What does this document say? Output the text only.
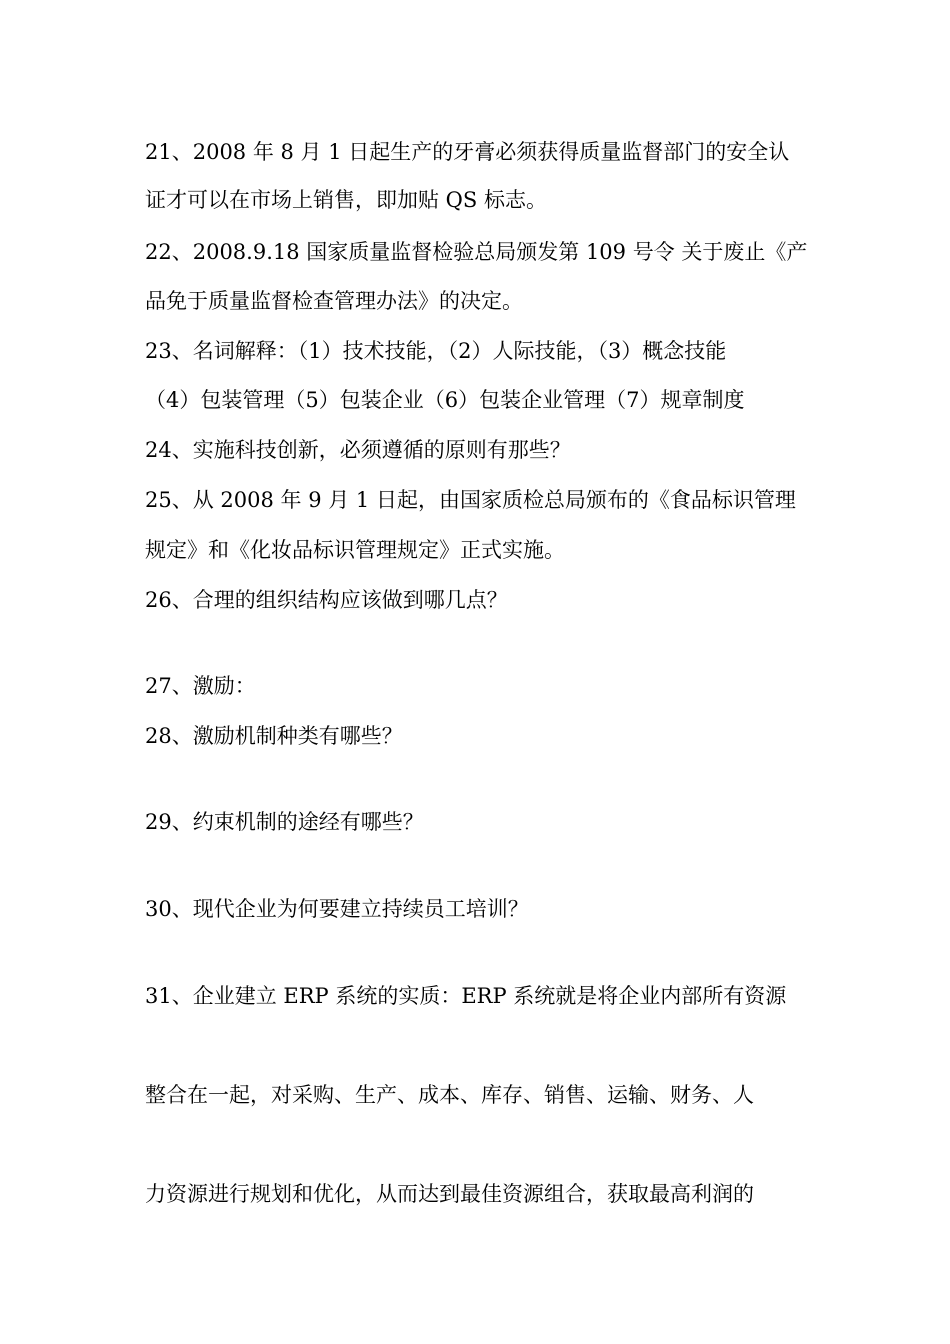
21、2008 年 8 月 1 日起生产的牙膏必须获得质量监督部门的安全认
证才可以在市场上销售，即加贴 QS 标志。
22、2008.9.18 国家质量监督检验总局颁发第 109 号令 关于废止《产
品免于质量监督检查管理办法》的决定。
23、名词解释：（1）技术技能，（2）人际技能，（3）概念技能
（4）包装管理（5）包装企业（6）包装企业管理（7）规章制度
24、实施科技创新，必须遵循的原则有那些？
25、从 2008 年 9 月 1 日起，由国家质检总局颁布的《食品标识管理
规定》和《化妆品标识管理规定》正式实施。
26、合理的组织结构应该做到哪几点？
27、激励：
28、激励机制种类有哪些？
29、约束机制的途经有哪些？
30、现代企业为何要建立持续员工培训？
31、企业建立 ERP 系统的实质：ERP 系统就是将企业内部所有资源
整合在一起，对采购、生产、成本、库存、销售、运输、财务、人
力资源进行规划和优化，从而达到最佳资源组合，获取最高利润的
